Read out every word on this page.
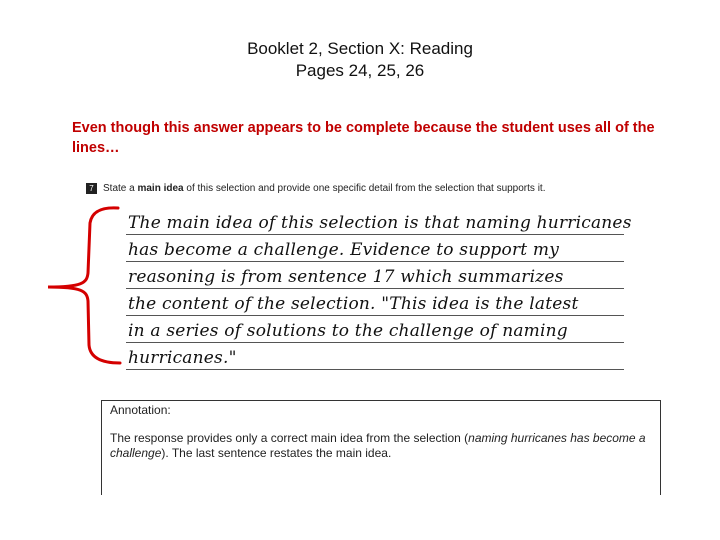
Booklet 2, Section X: Reading
Pages 24, 25, 26
Even though this answer appears to be complete because the student uses all of the lines…
7 State a main idea of this selection and provide one specific detail from the selection that supports it.
The main idea of this selection is that naming hurricanes
has become a challenge. Evidence to support my
reasoning is from sentence 17 which summarizes
the content of the selection. "This idea is the latest
in a series of solutions to the challenge of naming
hurricanes."
Annotation:
The response provides only a correct main idea from the selection (naming hurricanes has become a challenge). The last sentence restates the main idea.
